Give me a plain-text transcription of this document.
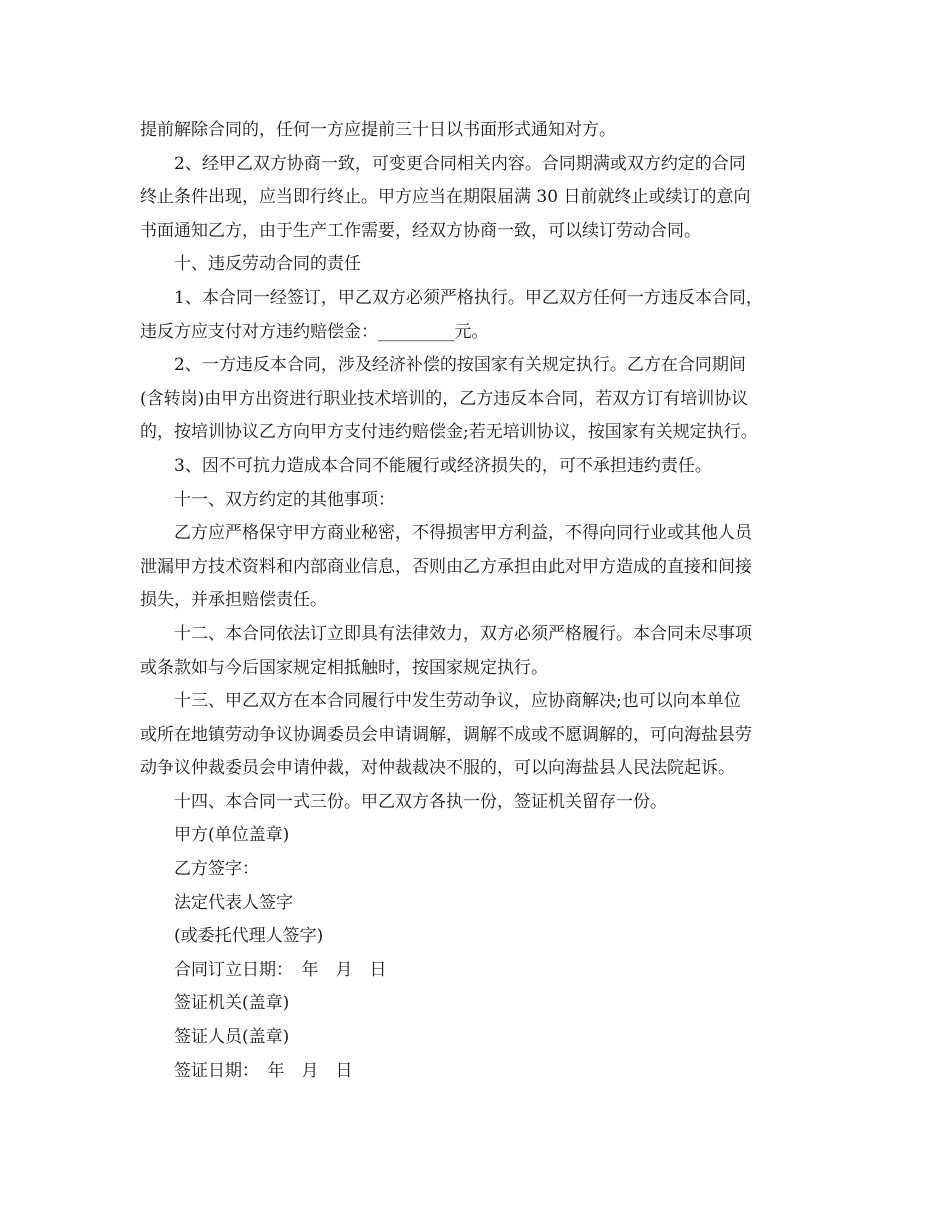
提前解除合同的，任何一方应提前三十日以书面形式通知对方。

2、经甲乙双方协商一致，可变更合同相关内容。合同期满或双方约定的合同

终止条件出现，应当即行终止。甲方应当在期限届满 30 日前就终止或续订的意向

书面通知乙方，由于生产工作需要，经双方协商一致，可以续订劳动合同。

十、违反劳动合同的责任

1、本合同一经签订，甲乙双方必须严格执行。甲乙双方任何一方违反本合同，

违反方应支付对方违约赔偿金：_________元。

2、一方违反本合同，涉及经济补偿的按国家有关规定执行。乙方在合同期间

(含转岗)由甲方出资进行职业技术培训的，乙方违反本合同，若双方订有培训协议

的，按培训协议乙方向甲方支付违约赔偿金;若无培训协议，按国家有关规定执行。

3、因不可抗力造成本合同不能履行或经济损失的，可不承担违约责任。

十一、双方约定的其他事项：

乙方应严格保守甲方商业秘密，不得损害甲方利益，不得向同行业或其他人员

泄漏甲方技术资料和内部商业信息，否则由乙方承担由此对甲方造成的直接和间接

损失，并承担赔偿责任。

十二、本合同依法订立即具有法律效力，双方必须严格履行。本合同未尽事项

或条款如与今后国家规定相抵触时，按国家规定执行。

十三、甲乙双方在本合同履行中发生劳动争议，应协商解决;也可以向本单位

或所在地镇劳动争议协调委员会申请调解，调解不成或不愿调解的，可向海盐县劳

动争议仲裁委员会申请仲裁，对仲裁裁决不服的，可以向海盐县人民法院起诉。

十四、本合同一式三份。甲乙双方各执一份，签证机关留存一份。

甲方(单位盖章)

乙方签字：

法定代表人签字

(或委托代理人签字)

合同订立日期：　年　月　日

签证机关(盖章)

签证人员(盖章)

签证日期：　年　月　日
